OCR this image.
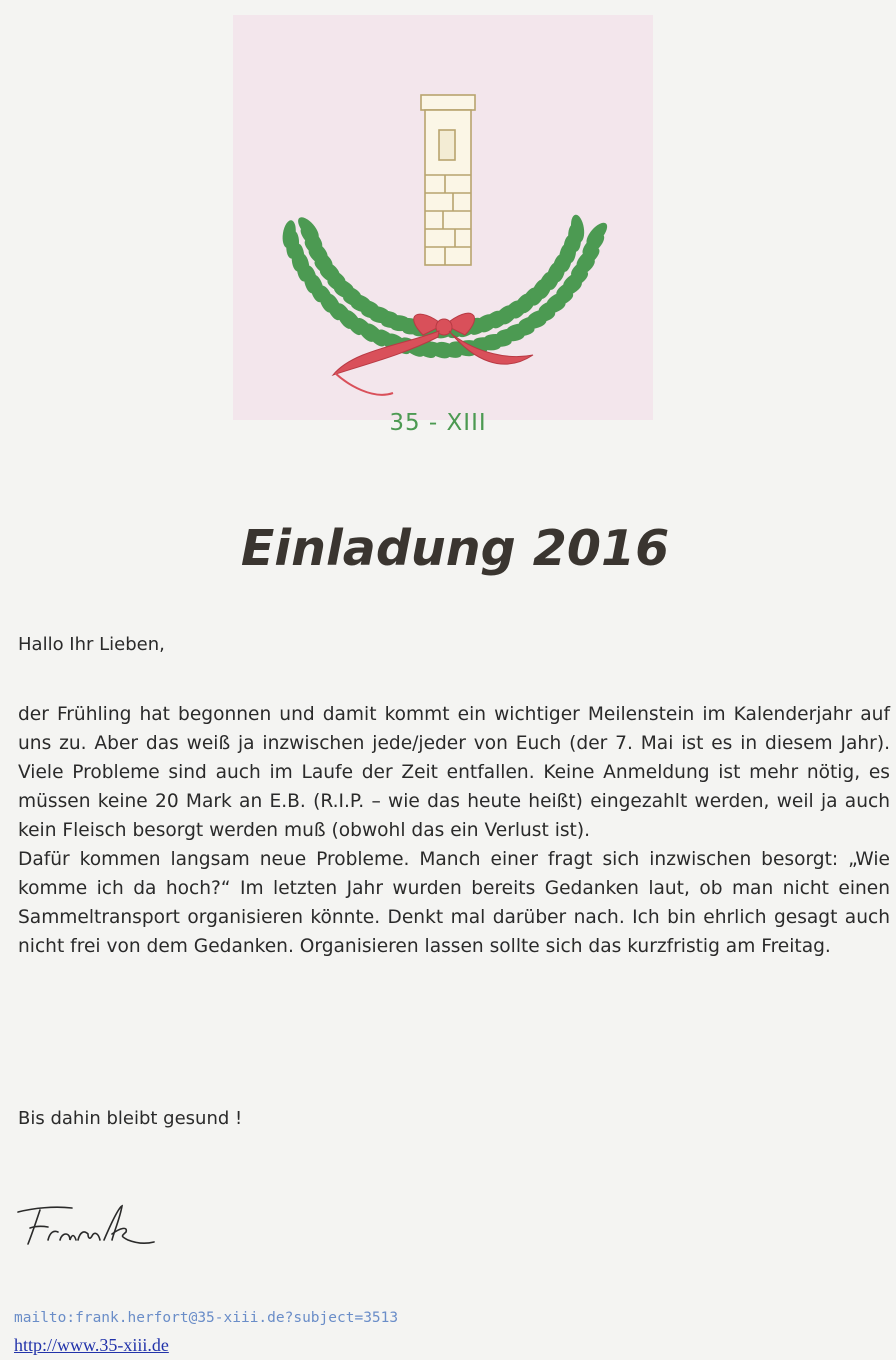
35 - XIII
Einladung 2016
Hallo Ihr Lieben,

der Frühling hat begonnen und damit kommt ein wichtiger Meilenstein im Kalenderjahr auf uns zu. Aber das weiß ja inzwischen jede/jeder von Euch (der 7. Mai ist es in diesem Jahr). Viele Probleme sind auch im Laufe der Zeit entfallen. Keine Anmeldung ist mehr nötig, es müssen keine 20 Mark an E.B. (R.I.P. – wie das heute heißt) eingezahlt werden, weil ja auch kein Fleisch besorgt werden muß (obwohl das ein Verlust ist).

Dafür kommen langsam neue Probleme. Manch einer fragt sich inzwischen besorgt: „Wie komme ich da hoch?“ Im letzten Jahr wurden bereits Gedanken laut, ob man nicht einen Sammeltransport organisieren könnte. Denkt mal darüber nach. Ich bin ehrlich gesagt auch nicht frei von dem Gedanken. Organisieren lassen sollte sich das kurzfristig am Freitag.

Bis dahin bleibt gesund !
mailto:frank.herfort@35-xiii.de?subject=3513
http://www.35-xiii.de
